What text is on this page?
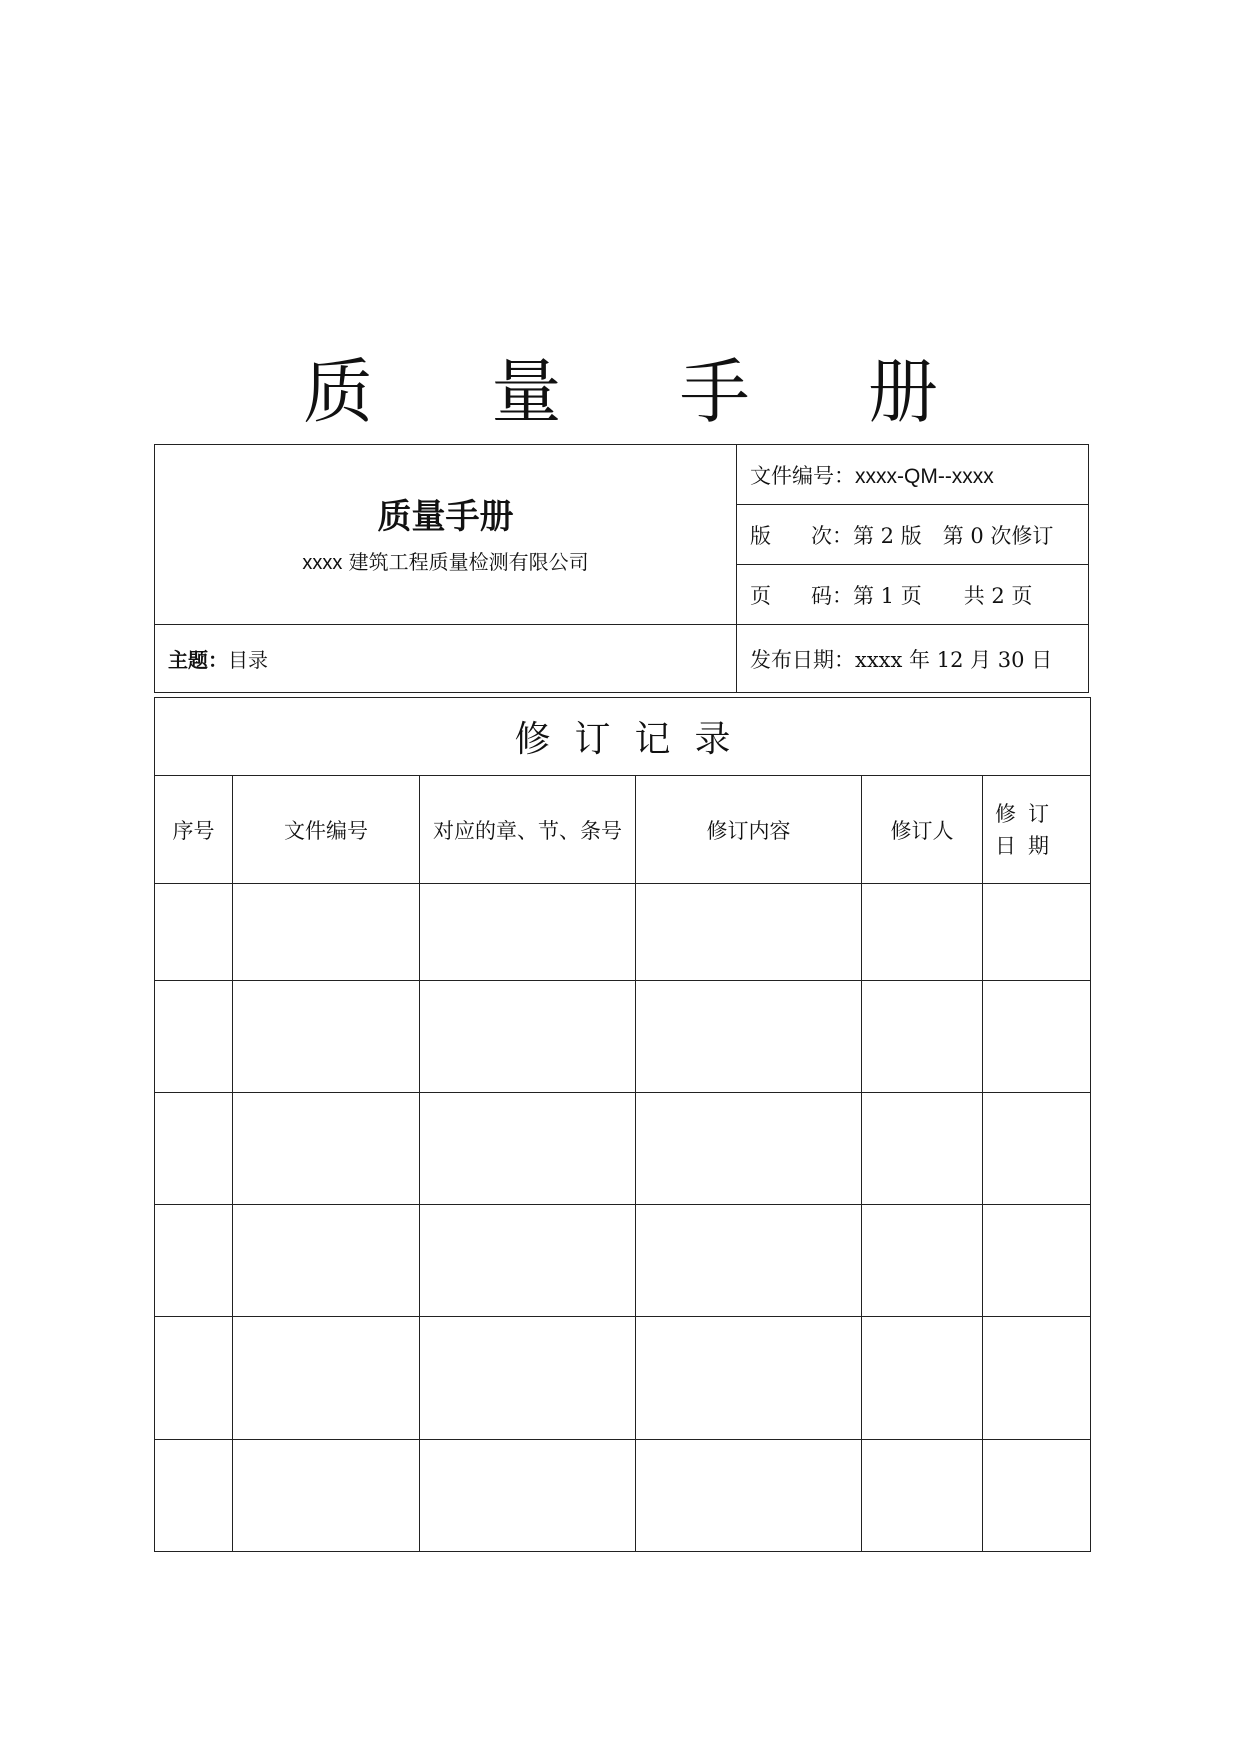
质 量 手 册
质量手册
xxxx 建筑工程质量检测有限公司	文件编号：xxxx-QM--xxxx
	版 次：第 2 版　第 0 次修订
	页 码：第 1 页　　共 2 页
主题：目录	发布日期：xxxx 年 12 月 30 日
修订记录					
序号	文件编号	对应的章、节、条号	修订内容	修订人	修订日期
